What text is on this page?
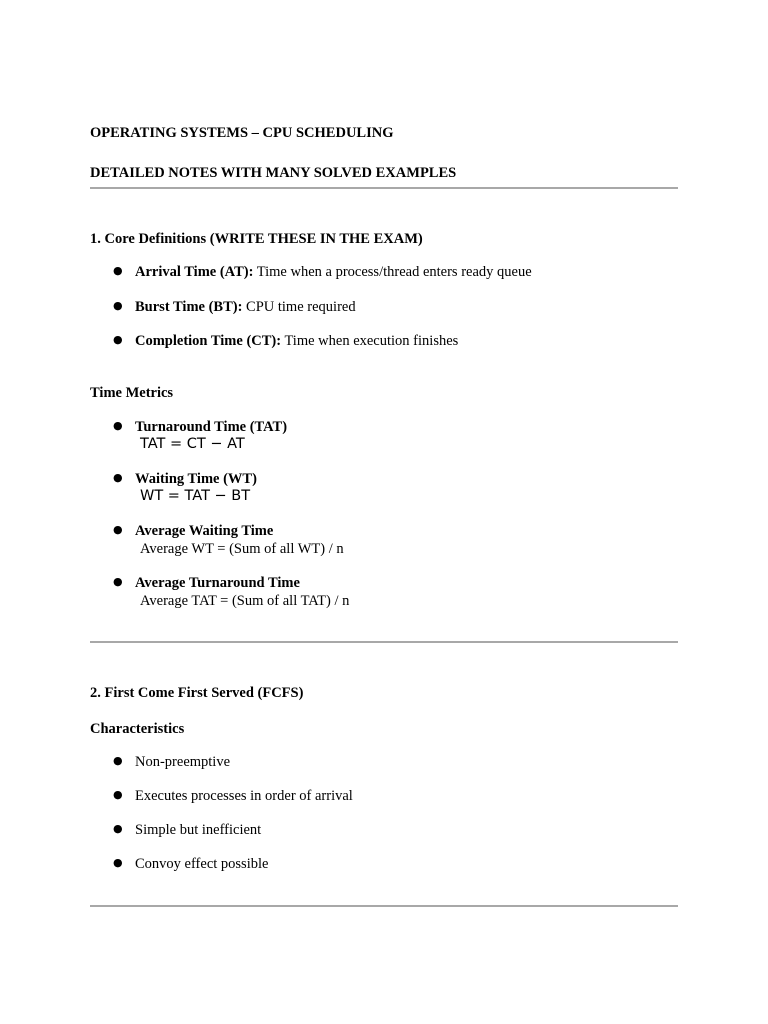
OPERATING SYSTEMS – CPU SCHEDULING
DETAILED NOTES WITH MANY SOLVED EXAMPLES
1. Core Definitions (WRITE THESE IN THE EXAM)
● Arrival Time (AT): Time when a process/thread enters ready queue
● Burst Time (BT): CPU time required
● Completion Time (CT): Time when execution finishes
Time Metrics
● Turnaround Time (TAT)
TAT = CT − AT
● Waiting Time (WT)
WT = TAT − BT
● Average Waiting Time
Average WT = (Sum of all WT) / n
● Average Turnaround Time
Average TAT = (Sum of all TAT) / n
2. First Come First Served (FCFS)
Characteristics
● Non-preemptive
● Executes processes in order of arrival
● Simple but inefficient
● Convoy effect possible
